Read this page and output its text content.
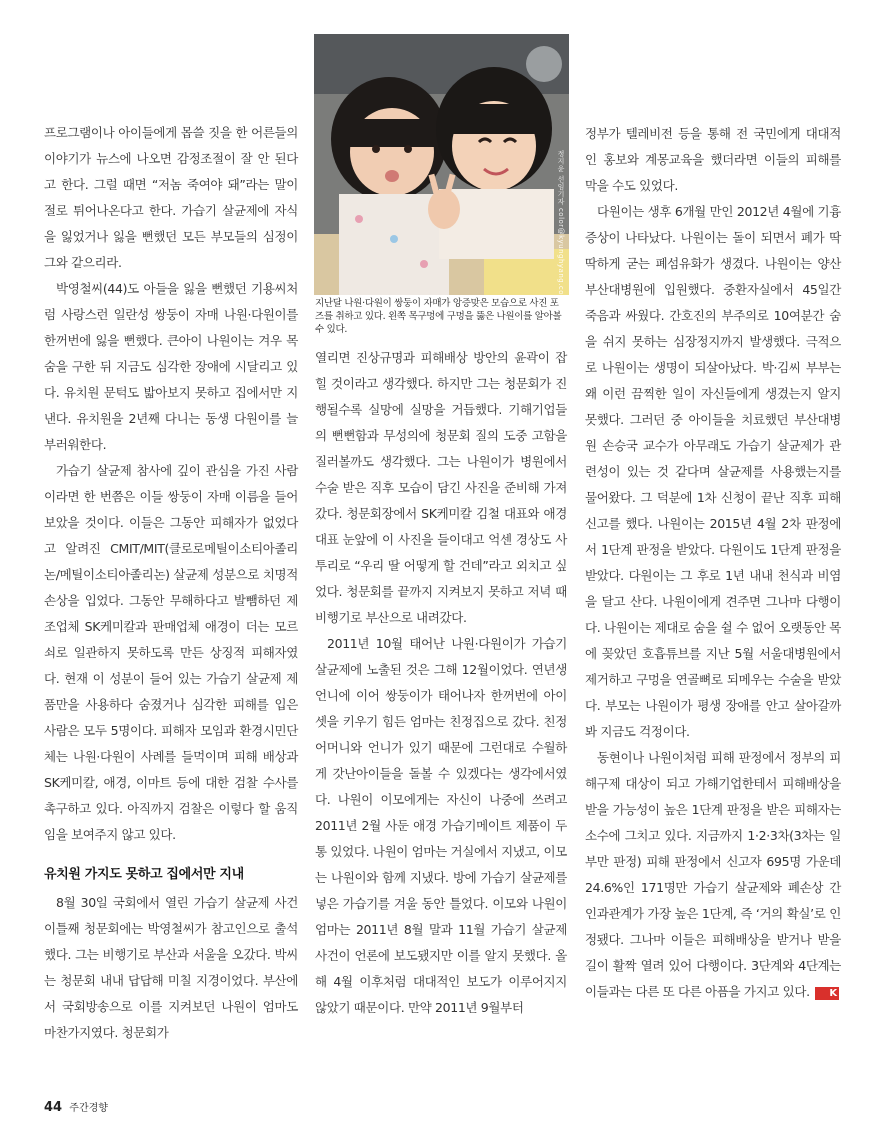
정지윤 선임기자 color@kyunghyang.com
지난달 나원·다원이 쌍둥이 자매가 앙증맞은 모습으로 사진 포즈를 취하고 있다. 왼쪽 목구멍에 구멍을 뚫은 나원이를 알아볼 수 있다.

프로그램이나 아이들에게 몹쓸 짓을 한 어른들의 이야기가 뉴스에 나오면 감정조절이 잘 안 된다고 한다. 그럴 때면 “저놈 죽여야 돼”라는 말이 절로 튀어나온다고 한다. 가습기 살균제에 자식을 잃었거나 잃을 뻔했던 모든 부모들의 심정이 그와 같으리라.

박영철씨(44)도 아들을 잃을 뻔했던 기용씨처럼 사랑스런 일란성 쌍둥이 자매 나원·다원이를 한꺼번에 잃을 뻔했다. 큰아이 나원이는 겨우 목숨을 구한 뒤 지금도 심각한 장애에 시달리고 있다. 유치원 문턱도 밟아보지 못하고 집에서만 지낸다. 유치원을 2년째 다니는 동생 다원이를 늘 부러워한다.

가습기 살균제 참사에 깊이 관심을 가진 사람이라면 한 번쯤은 이들 쌍둥이 자매 이름을 들어보았을 것이다. 이들은 그동안 피해자가 없었다고 알려진 CMIT/MIT(클로로메틸이소티아졸리논/메틸이소티아졸리논) 살균제 성분으로 치명적 손상을 입었다. 그동안 무해하다고 발뺌하던 제조업체 SK케미칼과 판매업체 애경이 더는 모르쇠로 일관하지 못하도록 만든 상징적 피해자였다. 현재 이 성분이 들어 있는 가습기 살균제 제품만을 사용하다 숨졌거나 심각한 피해를 입은 사람은 모두 5명이다. 피해자 모임과 환경시민단체는 나원·다원이 사례를 들먹이며 피해 배상과 SK케미칼, 애경, 이마트 등에 대한 검찰 수사를 촉구하고 있다. 아직까지 검찰은 이렇다 할 움직임을 보여주지 않고 있다.

유치원 가지도 못하고 집에서만 지내

8월 30일 국회에서 열린 가습기 살균제 사건 이틀째 청문회에는 박영철씨가 참고인으로 출석했다. 그는 비행기로 부산과 서울을 오갔다. 박씨는 청문회 내내 답답해 미칠 지경이었다. 부산에서 국회방송으로 이를 지켜보던 나원이 엄마도 마찬가지였다. 청문회가

열리면 진상규명과 피해배상 방안의 윤곽이 잡힐 것이라고 생각했다. 하지만 그는 청문회가 진행될수록 실망에 실망을 거듭했다. 기해기업들의 뻔뻔함과 무성의에 청문회 질의 도중 고함을 질러볼까도 생각했다. 그는 나원이가 병원에서 수술 받은 직후 모습이 담긴 사진을 준비해 가져갔다. 청문회장에서 SK케미칼 김철 대표와 애경 대표 눈앞에 이 사진을 들이대고 억센 경상도 사투리로 “우리 딸 어떻게 할 건데”라고 외치고 싶었다. 청문회를 끝까지 지켜보지 못하고 저녁 때 비행기로 부산으로 내려갔다.

2011년 10월 태어난 나원·다원이가 가습기 살균제에 노출된 것은 그해 12월이었다. 연년생 언니에 이어 쌍둥이가 태어나자 한꺼번에 아이 셋을 키우기 힘든 엄마는 친정집으로 갔다. 친정어머니와 언니가 있기 때문에 그런대로 수월하게 갓난아이들을 돌볼 수 있겠다는 생각에서였다. 나원이 이모에게는 자신이 나중에 쓰려고 2011년 2월 사둔 애경 가습기메이트 제품이 두 통 있었다. 나원이 엄마는 거실에서 지냈고, 이모는 나원이와 함께 지냈다. 방에 가습기 살균제를 넣은 가습기를 겨울 동안 틀었다. 이모와 나원이 엄마는 2011년 8월 말과 11월 가습기 살균제 사건이 언론에 보도됐지만 이를 알지 못했다. 올해 4월 이후처럼 대대적인 보도가 이루어지지 않았기 때문이다. 만약 2011년 9월부터

정부가 텔레비전 등을 통해 전 국민에게 대대적인 홍보와 계몽교육을 했더라면 이들의 피해를 막을 수도 있었다.

다원이는 생후 6개월 만인 2012년 4월에 기흉 증상이 나타났다. 나원이는 돌이 되면서 폐가 딱딱하게 굳는 폐섬유화가 생겼다. 나원이는 양산부산대병원에 입원했다. 중환자실에서 45일간 죽음과 싸웠다. 간호진의 부주의로 10여분간 숨을 쉬지 못하는 심장정지까지 발생했다. 극적으로 나원이는 생명이 되살아났다. 박·김씨 부부는 왜 이런 끔찍한 일이 자신들에게 생겼는지 알지 못했다. 그러던 중 아이들을 치료했던 부산대병원 손승국 교수가 아무래도 가습기 살균제가 관련성이 있는 것 같다며 살균제를 사용했는지를 물어왔다. 그 덕분에 1차 신청이 끝난 직후 피해신고를 했다. 나원이는 2015년 4월 2차 판정에서 1단계 판정을 받았다. 다원이도 1단계 판정을 받았다. 다원이는 그 후로 1년 내내 천식과 비염을 달고 산다. 나원이에게 견주면 그나마 다행이다. 나원이는 제대로 숨을 쉴 수 없어 오랫동안 목에 꽂았던 호흡튜브를 지난 5월 서울대병원에서 제거하고 구멍을 연골뼈로 되메우는 수술을 받았다. 부모는 나원이가 평생 장애를 안고 살아갈까봐 지금도 걱정이다.

동현이나 나원이처럼 피해 판정에서 정부의 피해구제 대상이 되고 가해기업한테서 피해배상을 받을 가능성이 높은 1단계 판정을 받은 피해자는 소수에 그치고 있다. 지금까지 1·2·3차(3차는 일부만 판정) 피해 판정에서 신고자 695명 가운데 24.6%인 171명만 가습기 살균제와 폐손상 간 인과관계가 가장 높은 1단계, 즉 ‘거의 확실’로 인정됐다. 그나마 이들은 피해배상을 받거나 받을 길이 활짝 열려 있어 다행이다. 3단계와 4단계는 이들과는 다른 또 다른 아픔을 가지고 있다. K

44 주간경향
